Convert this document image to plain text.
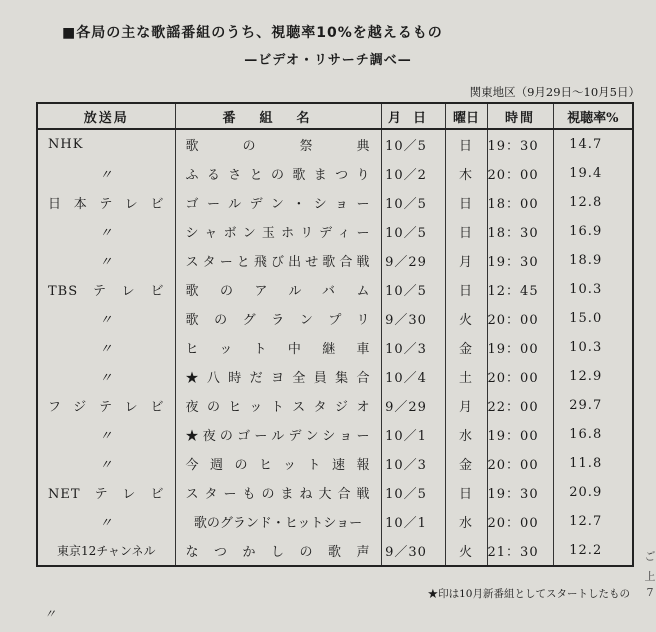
■各局の主な歌謡番組のうち、視聴率10%を越えるもの
—ビデオ・リサーチ調べ—
関東地区（9月29日〜10月5日）
放送局	番組名	月日	曜日	時間	視聴率%
NHK	歌の祭典	10／5	日	19：30	14.7
〃	ふるさとの歌まつり	10／2	木	20：00	19.4
日本テレビ	ゴールデン・ショー	10／5	日	18：00	12.8
〃	シャボン玉ホリディー	10／5	日	18：30	16.9
〃	スターと飛び出せ歌合戦	9／29	月	19：30	18.9
TBSテレビ	歌のアルバム	10／5	日	12：45	10.3
〃	歌のグランプリ	9／30	火	20：00	15.0
〃	ヒット中継車	10／3	金	19：00	10.3
〃	★八時だヨ全員集合	10／4	土	20：00	12.9
フジテレビ	夜のヒットスタジオ	9／29	月	22：00	29.7
〃	★夜のゴールデンショー	10／1	水	19：00	16.8
〃	今週のヒット速報	10／3	金	20：00	11.8
NETテレビ	スターものまね大合戦	10／5	日	19：30	20.9
〃	歌のグランド・ヒットショー	10／1	水	20：00	12.7
東京12チャンネル	なつかしの歌声	9／30	火	21：30	12.2
★印は10月新番組としてスタートしたもの
〃
ご
上
7
